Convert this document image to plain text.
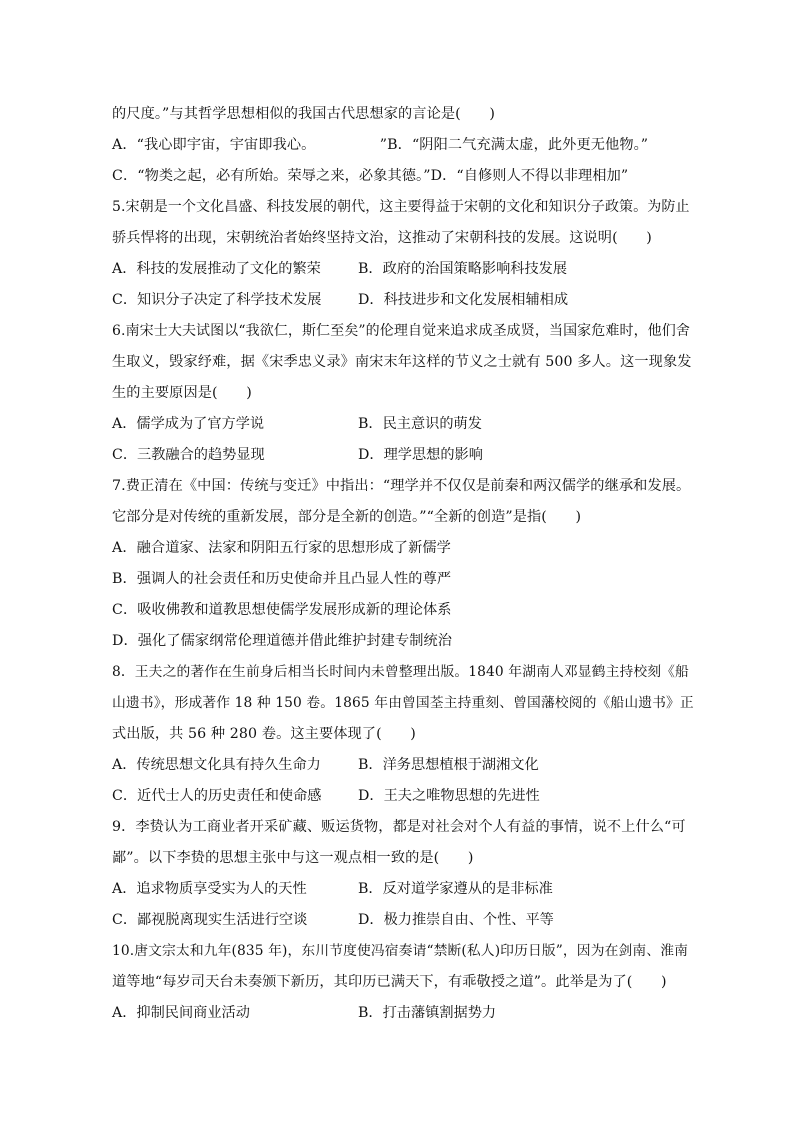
的尺度。”与其哲学思想相似的我国古代思想家的言论是(　　)
A．“我心即宇宙，宇宙即我心。　　　　　”B．“阴阳二气充满太虚，此外更无他物。”
C．“物类之起，必有所始。荣辱之来，必象其德。”D．“自修则人不得以非理相加”
5.宋朝是一个文化昌盛、科技发展的朝代，这主要得益于宋朝的文化和知识分子政策。为防止
骄兵悍将的出现，宋朝统治者始终坚持文治，这推动了宋朝科技的发展。这说明(　　)
A．科技的发展推动了文化的繁荣	B．政府的治国策略影响科技发展
C．知识分子决定了科学技术发展	D．科技进步和文化发展相辅相成
6.南宋士大夫试图以“我欲仁，斯仁至矣”的伦理自觉来追求成圣成贤，当国家危难时，他们舍
生取义，毁家纾难，据《宋季忠义录》南宋末年这样的节义之士就有 500 多人。这一现象发
生的主要原因是(　　)
A．儒学成为了官方学说	B．民主意识的萌发
C．三教融合的趋势显现	D．理学思想的影响
7.费正清在《中国：传统与变迁》中指出：“理学并不仅仅是前秦和两汉儒学的继承和发展。
它部分是对传统的重新发展，部分是全新的创造。”“全新的创造”是指(　　)
A．融合道家、法家和阴阳五行家的思想形成了新儒学
B．强调人的社会责任和历史使命并且凸显人性的尊严
C．吸收佛教和道教思想使儒学发展形成新的理论体系
D．强化了儒家纲常伦理道德并借此维护封建专制统治
8．王夫之的著作在生前身后相当长时间内未曾整理出版。1840 年湖南人邓显鹤主持校刻《船
山遗书》，形成著作 18 种 150 卷。1865 年由曾国荃主持重刻、曾国藩校阅的《船山遗书》正
式出版，共 56 种 280 卷。这主要体现了(　　)
A．传统思想文化具有持久生命力	B．洋务思想植根于湖湘文化
C．近代士人的历史责任和使命感	D．王夫之唯物思想的先进性
9．李贽认为工商业者开采矿藏、贩运货物，都是对社会对个人有益的事情，说不上什么“可
鄙”。以下李贽的思想主张中与这一观点相一致的是(　　)
A．追求物质享受实为人的天性	B．反对道学家遵从的是非标准
C．鄙视脱离现实生活进行空谈	D．极力推崇自由、个性、平等
10.唐文宗太和九年(835 年)，东川节度使冯宿奏请“禁断(私人)印历日版”，因为在剑南、淮南
道等地“每岁司天台未奏颁下新历，其印历已满天下，有乖敬授之道”。此举是为了(　　)
A．抑制民间商业活动	B．打击藩镇割据势力
